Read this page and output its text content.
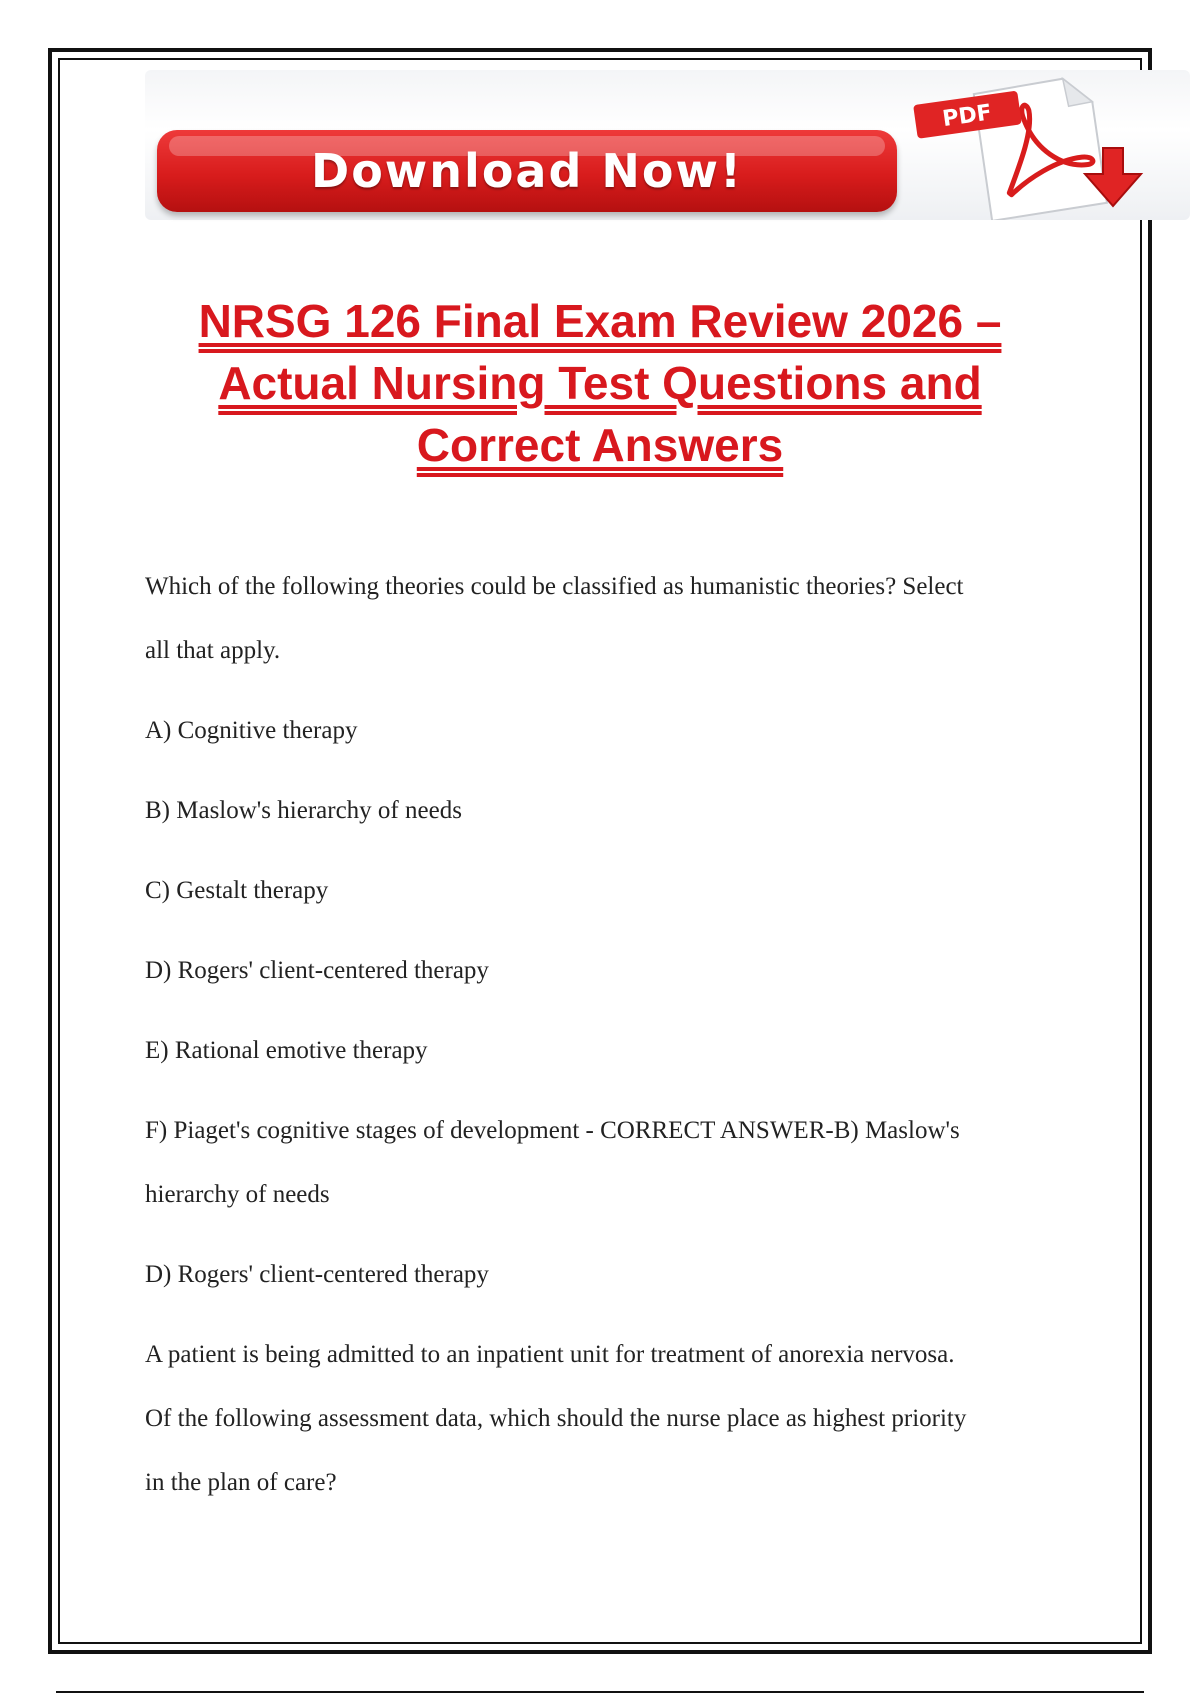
Download Now!
PDF
NRSG 126 Final Exam Review 2026 –
Actual Nursing Test Questions and
Correct Answers

Which of the following theories could be classified as humanistic theories? Select

all that apply.

A) Cognitive therapy

B) Maslow's hierarchy of needs

C) Gestalt therapy

D) Rogers' client-centered therapy

E) Rational emotive therapy

F) Piaget's cognitive stages of development - CORRECT ANSWER-B) Maslow's

hierarchy of needs

D) Rogers' client-centered therapy

A patient is being admitted to an inpatient unit for treatment of anorexia nervosa.

Of the following assessment data, which should the nurse place as highest priority

in the plan of care?
